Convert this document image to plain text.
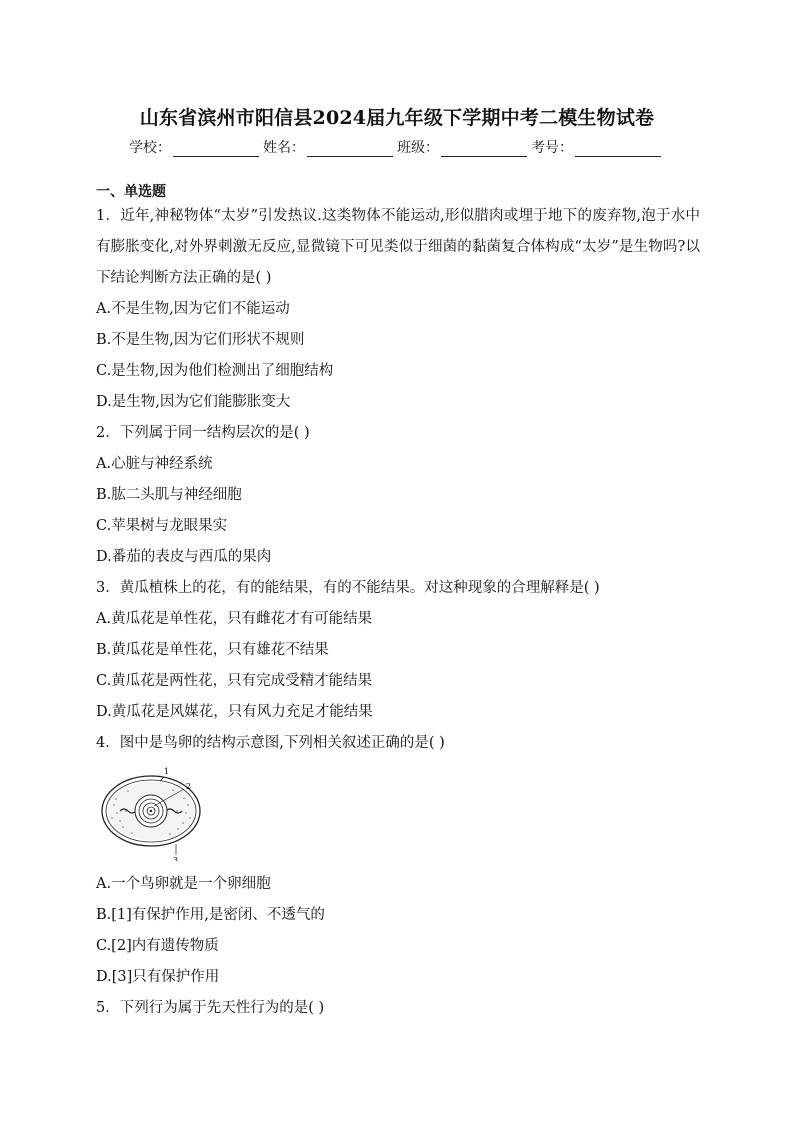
山东省滨州市阳信县2024届九年级下学期中考二模生物试卷
学校：	姓名：	班级：	考号：
一、单选题

1．近年,神秘物体“太岁”引发热议.这类物体不能运动,形似腊肉或埋于地下的废弃物,泡于水中有膨胀变化,对外界刺激无反应,显微镜下可见类似于细菌的黏菌复合体构成“太岁”是生物吗?以下结论判断方法正确的是( )

A.不是生物,因为它们不能运动

B.不是生物,因为它们形状不规则

C.是生物,因为他们检测出了细胞结构

D.是生物,因为它们能膨胀变大

2．下列属于同一结构层次的是( )

A.心脏与神经系统

B.肱二头肌与神经细胞

C.苹果树与龙眼果实

D.番茄的表皮与西瓜的果肉

3．黄瓜植株上的花，有的能结果，有的不能结果。对这种现象的合理解释是( )

A.黄瓜花是单性花，只有雌花才有可能结果

B.黄瓜花是单性花，只有雄花不结果

C.黄瓜花是两性花，只有完成受精才能结果

D.黄瓜花是风媒花，只有风力充足才能结果

4．图中是鸟卵的结构示意图,下列相关叙述正确的是( )

1
2
3

A.一个鸟卵就是一个卵细胞

B.[1]有保护作用,是密闭、不透气的

C.[2]内有遗传物质

D.[3]只有保护作用

5．下列行为属于先天性行为的是( )
